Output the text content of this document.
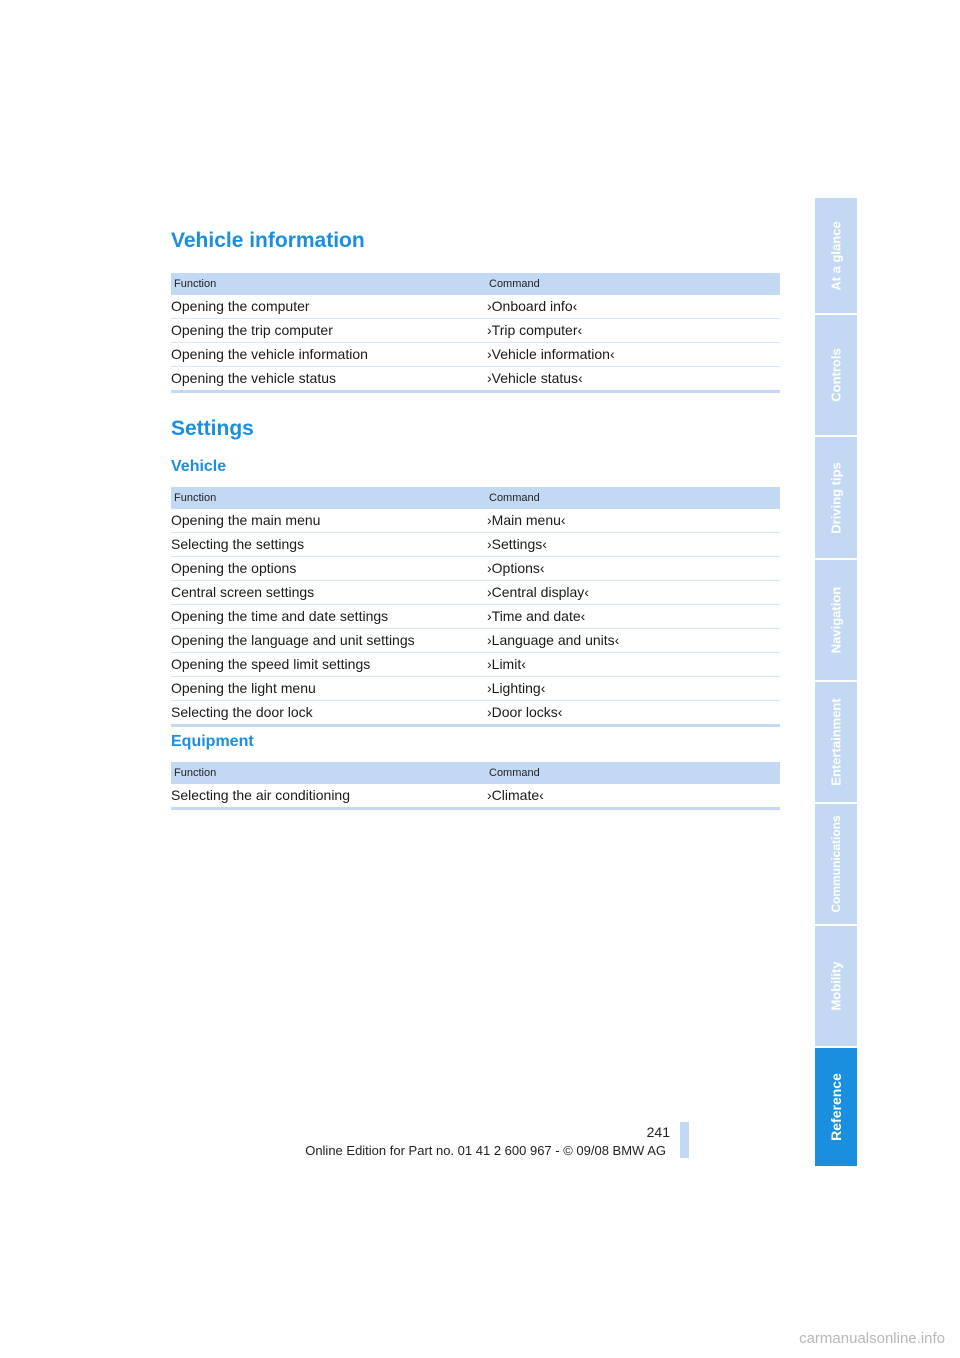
Vehicle information
Function	Command
Opening the computer	›Onboard info‹
Opening the trip computer	›Trip computer‹
Opening the vehicle information	›Vehicle information‹
Opening the vehicle status	›Vehicle status‹
Settings
Vehicle
Function	Command
Opening the main menu	›Main menu‹
Selecting the settings	›Settings‹
Opening the options	›Options‹
Central screen settings	›Central display‹
Opening the time and date settings	›Time and date‹
Opening the language and unit settings	›Language and units‹
Opening the speed limit settings	›Limit‹
Opening the light menu	›Lighting‹
Selecting the door lock	›Door locks‹
Equipment
Function	Command
Selecting the air conditioning	›Climate‹
At a glance
Controls
Driving tips
Navigation
Entertainment
Communications
Mobility
Reference
241
Online Edition for Part no. 01 41 2 600 967 - © 09/08 BMW AG
carmanualsonline.info
